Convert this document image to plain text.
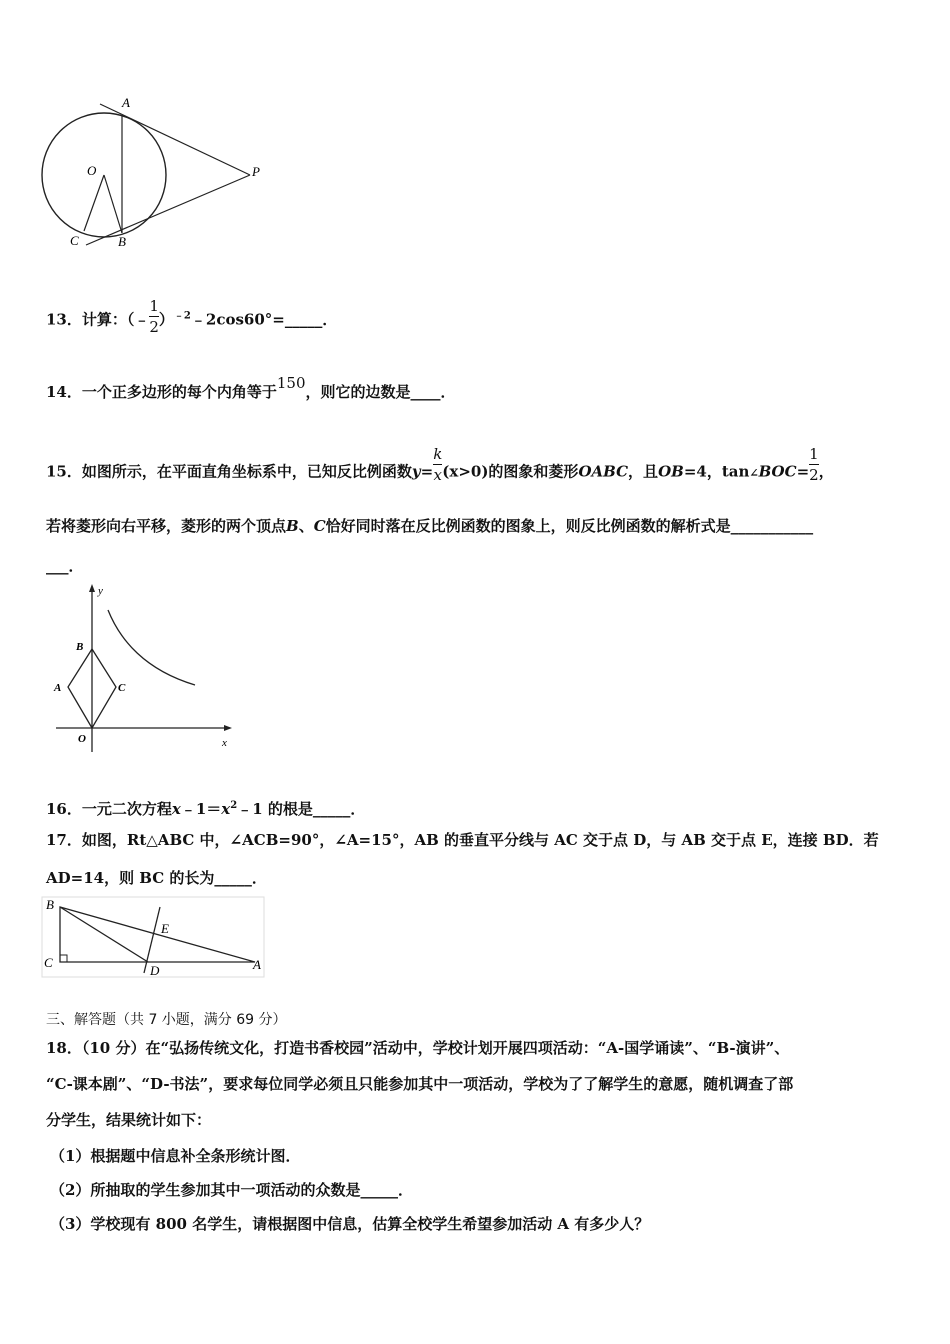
A
O	P
C	B
13．计算：（﹣ $\frac{1}{2}$ ）$^{﹣2}$﹣2cos60°=_____．
14．一个正多边形的每个内角等于150，则它的边数是____．
15．如图所示，在平面直角坐标系中，已知反比例函数$y= \frac{k}{x} (x>0)$的图象和菱形OABC，且OB=4，tan∠BOC= $\frac{1}{2}$ ，
若将菱形向右平移，菱形的两个顶点B、C恰好同时落在反比例函数的图象上，则反比例函数的解析式是___________
___．
y
x
B
A	C
O
16．一元二次方程$x﹣1=x^2﹣1$ 的根是_____．
17．如图，Rt△ABC 中，∠ACB=90°，∠A=15°，AB 的垂直平分线与 AC 交于点 D，与 AB 交于点 E，连接 BD．若
AD=14，则 BC 的长为_____．
B
E
C
D	A
三、解答题（共 7 小题，满分 69 分）
18．（10 分）在“弘扬传统文化，打造书香校园”活动中，学校计划开展四项活动：“A-国学诵读”、“B-演讲”、
“C-课本剧”、“D-书法”，要求每位同学必须且只能参加其中一项活动，学校为了了解学生的意愿，随机调查了部
分学生，结果统计如下：
（1）根据题中信息补全条形统计图．
（2）所抽取的学生参加其中一项活动的众数是_____．
（3）学校现有 800 名学生，请根据图中信息，估算全校学生希望参加活动 A 有多少人？
